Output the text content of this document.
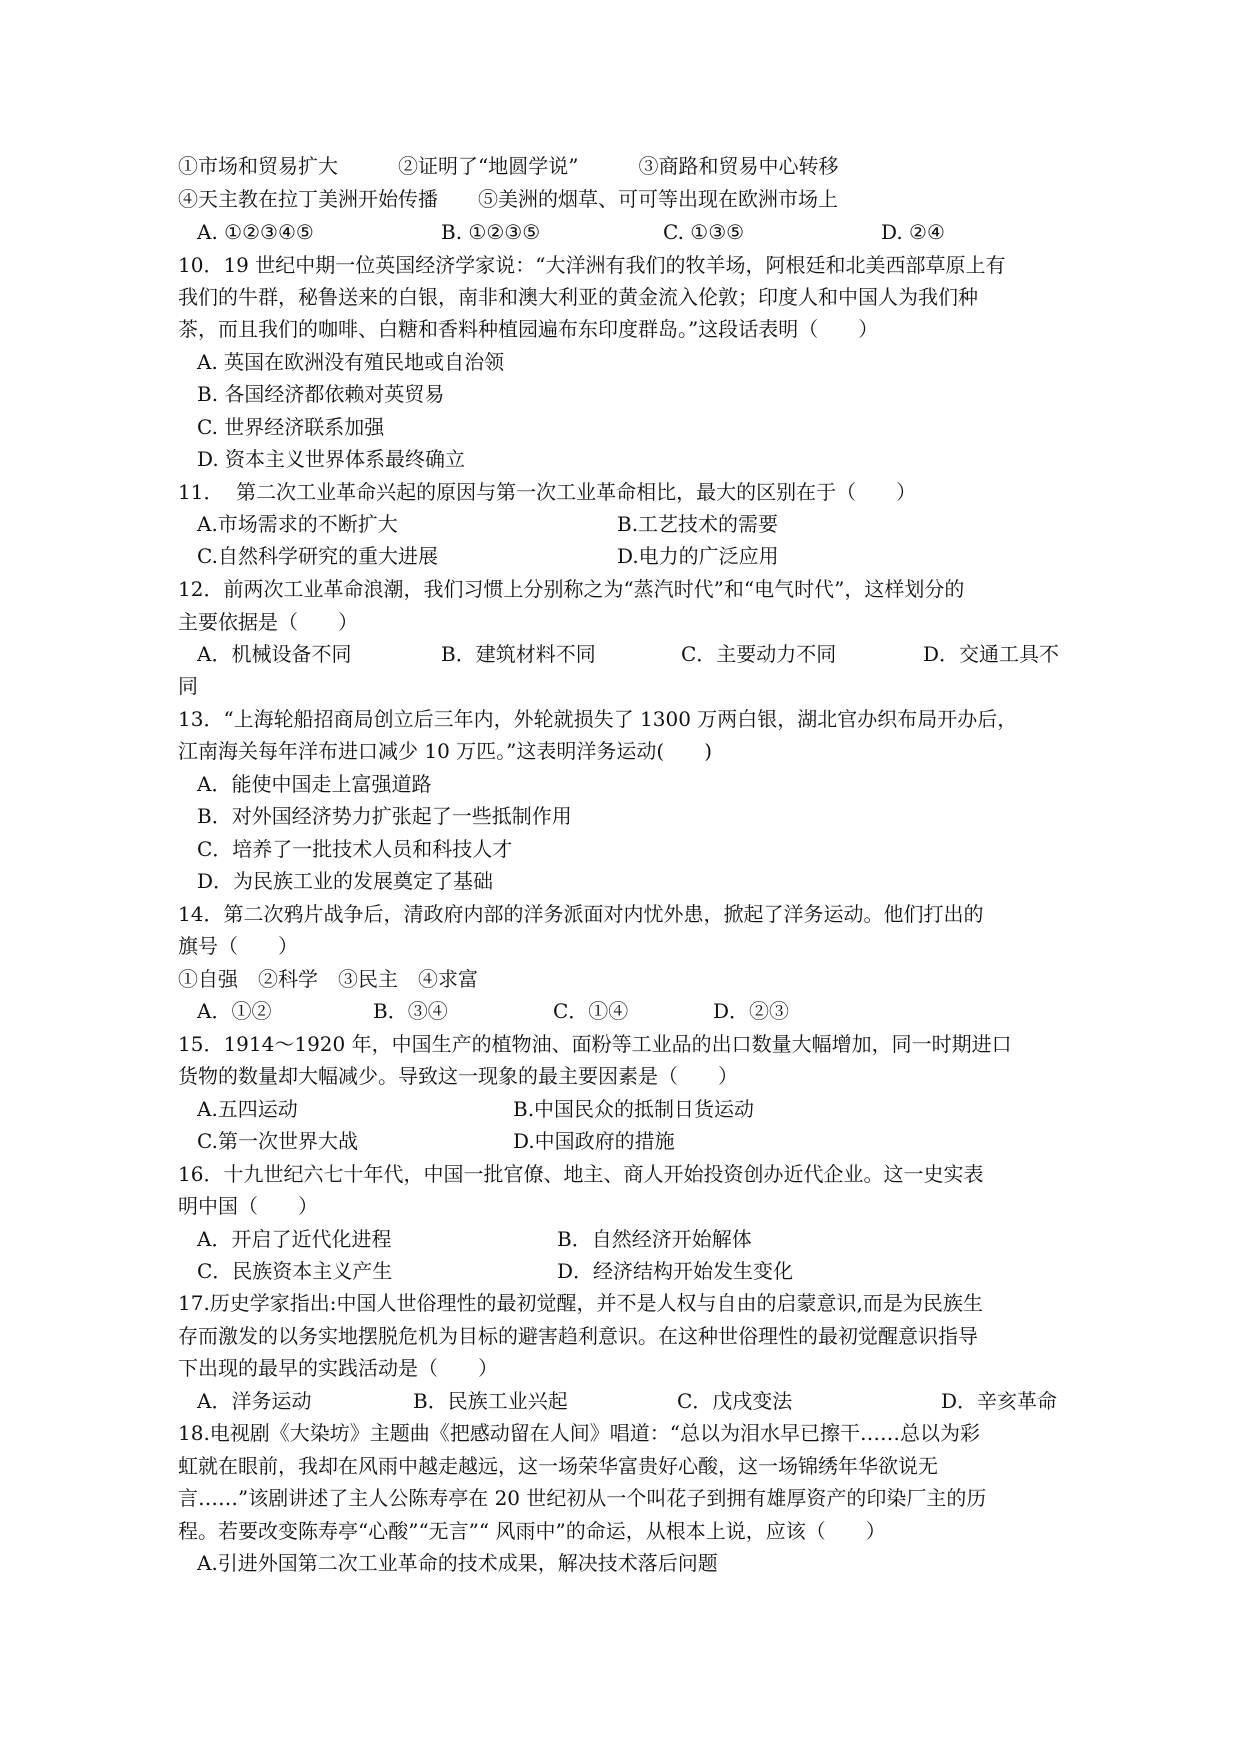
①市场和贸易扩大　　　②证明了“地圆学说”　　　③商路和贸易中心转移
④天主教在拉丁美洲开始传播　　⑤美洲的烟草、可可等出现在欧洲市场上
A. ①②③④⑤	B. ①②③⑤	C. ①③⑤	D. ②④
10．19 世纪中期一位英国经济学家说：“大洋洲有我们的牧羊场，阿根廷和北美西部草原上有
我们的牛群，秘鲁送来的白银，南非和澳大利亚的黄金流入伦敦；印度人和中国人为我们种
茶，而且我们的咖啡、白糖和香料种植园遍布东印度群岛。”这段话表明（　　）
A. 英国在欧洲没有殖民地或自治领
B. 各国经济都依赖对英贸易
C. 世界经济联系加强
D. 资本主义世界体系最终确立
11．  第二次工业革命兴起的原因与第一次工业革命相比，最大的区别在于（　　）
A.市场需求的不断扩大	B.工艺技术的需要
C.自然科学研究的重大进展	D.电力的广泛应用
12．前两次工业革命浪潮，我们习惯上分别称之为“蒸汽时代”和“电气时代”，这样划分的
主要依据是（　　）
A．机械设备不同	B．建筑材料不同	C．主要动力不同	D．交通工具不
同
13．“上海轮船招商局创立后三年内，外轮就损失了 1300 万两白银，湖北官办织布局开办后，
江南海关每年洋布进口减少 10 万匹。”这表明洋务运动(　　)
A．能使中国走上富强道路
B．对外国经济势力扩张起了一些抵制作用
C．培养了一批技术人员和科技人才
D．为民族工业的发展奠定了基础
14．第二次鸦片战争后，清政府内部的洋务派面对内忧外患，掀起了洋务运动。他们打出的
旗号（　　）
①自强　②科学　③民主　④求富
A．①②	B．③④	C．①④	D．②③
15．1914～1920 年，中国生产的植物油、面粉等工业品的出口数量大幅增加，同一时期进口
货物的数量却大幅减少。导致这一现象的最主要因素是（　　）
A.五四运动	B.中国民众的抵制日货运动
C.第一次世界大战	D.中国政府的措施
16．十九世纪六七十年代，中国一批官僚、地主、商人开始投资创办近代企业。这一史实表
明中国（　　）
A．开启了近代化进程	B．自然经济开始解体
C．民族资本主义产生	D．经济结构开始发生变化
17.历史学家指出:中国人世俗理性的最初觉醒，并不是人权与自由的启蒙意识,而是为民族生
存而激发的以务实地摆脱危机为目标的避害趋利意识。在这种世俗理性的最初觉醒意识指导
下出现的最早的实践活动是（　　）
A．洋务运动	B．民族工业兴起	C．戊戌变法	D．辛亥革命
18.电视剧《大染坊》主题曲《把感动留在人间》唱道：“总以为泪水早已擦干……总以为彩
虹就在眼前，我却在风雨中越走越远，这一场荣华富贵好心酸，这一场锦绣年华欲说无
言……”该剧讲述了主人公陈寿亭在 20 世纪初从一个叫花子到拥有雄厚资产的印染厂主的历
程。若要改变陈寿亭“心酸”“无言”“ 风雨中”的命运，从根本上说，应该（　　）
A.引进外国第二次工业革命的技术成果，解决技术落后问题
